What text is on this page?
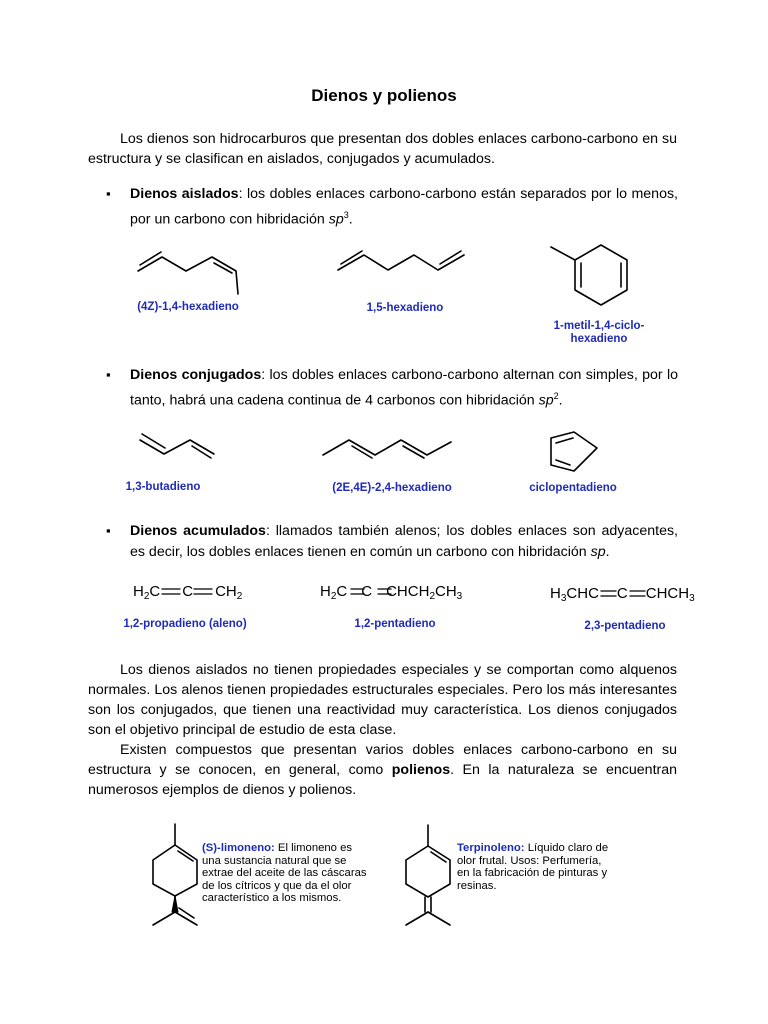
Dienos y polienos
Los dienos son hidrocarburos que presentan dos dobles enlaces carbono-carbono en su estructura y se clasifican en aislados, conjugados y acumulados.
▪ Dienos aislados: los dobles enlaces carbono-carbono están separados por lo menos, por un carbono con hibridación $sp^3$.
(4Z)-1,4-hexadieno	1,5-hexadieno
1-metil-1,4-ciclo-hexadieno
▪ Dienos conjugados: los dobles enlaces carbono-carbono alternan con simples, por lo tanto, habrá una cadena continua de 4 carbonos con hibridación $sp^2$.
1,3-butadieno	(2E,4E)-2,4-hexadieno	ciclopentadieno
▪ Dienos acumulados: llamados también alenos; los dobles enlaces son adyacentes, es decir, los dobles enlaces tienen en común un carbono con hibridación sp.
$H_2C$ C $CH_2$	$H_2C$ C $CHCH_2CH_3$	$H_3CHC$ C $CHCH_3$
1,2-propadieno (aleno)	1,2-pentadieno	2,3-pentadieno
Los dienos aislados no tienen propiedades especiales y se comportan como alquenos normales. Los alenos tienen propiedades estructurales especiales. Pero los más interesantes son los conjugados, que tienen una reactividad muy característica. Los dienos conjugados son el objetivo principal de estudio de esta clase.
Existen compuestos que presentan varios dobles enlaces carbono-carbono en su estructura y se conocen, en general, como polienos. En la naturaleza se encuentran numerosos ejemplos de dienos y polienos.
(S)-limoneno: El limoneno es una sustancia natural que se extrae del aceite de las cáscaras de los cítricos y que da el olor característico a los mismos.
Terpinoleno: Líquido claro de olor frutal. Usos: Perfumería, en la fabricación de pinturas y resinas.
